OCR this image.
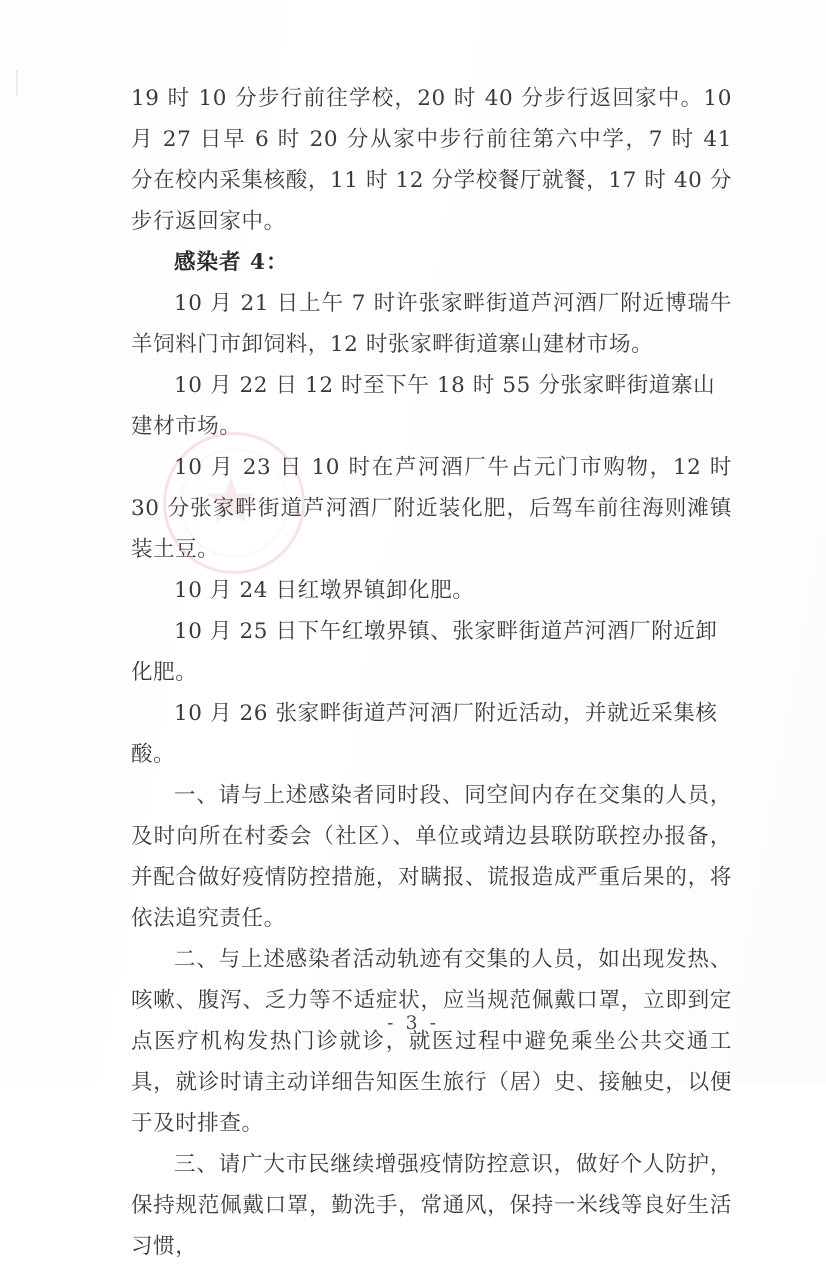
19 时 10 分步行前往学校，20 时 40 分步行返回家中。10 月 27 日早 6 时 20 分从家中步行前往第六中学，7 时 41 分在校内采集核酸，11 时 12 分学校餐厅就餐，17 时 40 分步行返回家中。

感染者 4：

10 月 21 日上午 7 时许张家畔街道芦河酒厂附近博瑞牛羊饲料门市卸饲料，12 时张家畔街道寨山建材市场。

10 月 22 日 12 时至下午 18 时 55 分张家畔街道寨山建材市场。

10 月 23 日 10 时在芦河酒厂牛占元门市购物，12 时 30 分张家畔街道芦河酒厂附近装化肥，后驾车前往海则滩镇装土豆。

10 月 24 日红墩界镇卸化肥。

10 月 25 日下午红墩界镇、张家畔街道芦河酒厂附近卸化肥。

10 月 26 张家畔街道芦河酒厂附近活动，并就近采集核酸。

一、请与上述感染者同时段、同空间内存在交集的人员，及时向所在村委会（社区）、单位或靖边县联防联控办报备，并配合做好疫情防控措施，对瞒报、谎报造成严重后果的，将依法追究责任。

二、与上述感染者活动轨迹有交集的人员，如出现发热、咳嗽、腹泻、乏力等不适症状，应当规范佩戴口罩，立即到定点医疗机构发热门诊就诊，就医过程中避免乘坐公共交通工具，就诊时请主动详细告知医生旅行（居）史、接触史，以便于及时排查。

三、请广大市民继续增强疫情防控意识，做好个人防护，保持规范佩戴口罩，勤洗手，常通风，保持一米线等良好生活习惯，

- 3 -
